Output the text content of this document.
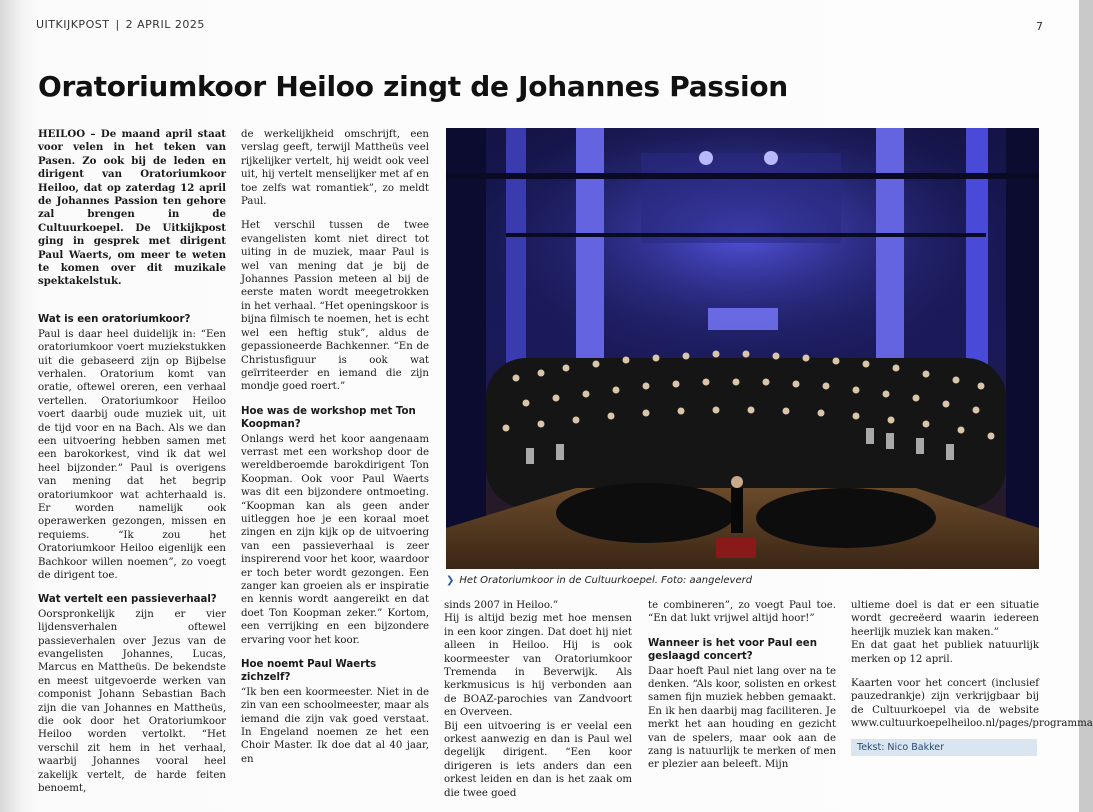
UITKIJKPOST | 2 APRIL 2025	7
Oratoriumkoor Heiloo zingt de Johannes Passion

HEILOO – De maand april staat voor velen in het teken van Pasen. Zo ook bij de leden en dirigent van Oratoriumkoor Heiloo, dat op zaterdag 12 april de Johannes Passion ten gehore zal brengen in de Cultuurkoepel. De Uitkijkpost ging in gesprek met dirigent Paul Waerts, om meer te weten te komen over dit muzikale spektakelstuk.

Wat is een oratoriumkoor?

Paul is daar heel duidelijk in: “Een oratoriumkoor voert muziekstukken uit die gebaseerd zijn op Bijbelse verhalen. Oratorium komt van oratie, oftewel oreren, een verhaal vertellen. Oratoriumkoor Heiloo voert daarbij oude muziek uit, uit de tijd voor en na Bach. Als we dan een uitvoering hebben samen met een barokorkest, vind ik dat wel heel bijzonder.” Paul is overigens van mening dat het begrip oratoriumkoor wat achterhaald is. Er worden namelijk ook operawerken gezongen, missen en requiems. “Ik zou het Oratoriumkoor Heiloo eigenlijk een Bachkoor willen noemen”, zo voegt de dirigent toe.

Wat vertelt een passieverhaal?

Oorspronkelijk zijn er vier lijdensverhalen oftewel passieverhalen over Jezus van de evangelisten Johannes, Lucas, Marcus en Mattheüs. De bekendste en meest uitgevoerde werken van componist Johann Sebastian Bach zijn die van Johannes en Mattheüs, die ook door het Oratoriumkoor Heiloo worden vertolkt. “Het verschil zit hem in het verhaal, waarbij Johannes vooral heel zakelijk vertelt, de harde feiten benoemt,

de werkelijkheid omschrijft, een verslag geeft, terwijl Mattheüs veel rijkelijker vertelt, hij weidt ook veel uit, hij vertelt menselijker met af en toe zelfs wat romantiek”, zo meldt Paul.

Het verschil tussen de twee evangelisten komt niet direct tot uiting in de muziek, maar Paul is wel van mening dat je bij de Johannes Passion meteen al bij de eerste maten wordt meegetrokken in het verhaal. “Het openingskoor is bijna filmisch te noemen, het is echt wel een heftig stuk”, aldus de gepassioneerde Bachkenner. “En de Christusfiguur is ook wat geïrriteerder en iemand die zijn mondje goed roert.”

Hoe was de workshop met Ton Koopman?

Onlangs werd het koor aangenaam verrast met een workshop door de wereldberoemde barokdirigent Ton Koopman. Ook voor Paul Waerts was dit een bijzondere ontmoeting. “Koopman kan als geen ander uitleggen hoe je een koraal moet zingen en zijn kijk op de uitvoering van een passieverhaal is zeer inspirerend voor het koor, waardoor er toch beter wordt gezongen. Een zanger kan groeien als er inspiratie en kennis wordt aangereikt en dat doet Ton Koopman zeker.” Kortom, een verrijking en een bijzondere ervaring voor het koor.

Hoe noemt Paul Waerts zichzelf?

“Ik ben een koormeester. Niet in de zin van een schoolmeester, maar als iemand die zijn vak goed verstaat. In Engeland noemen ze het een Choir Master. Ik doe dat al 40 jaar, en

❯ Het Oratoriumkoor in de Cultuurkoepel. Foto: aangeleverd

sinds 2007 in Heiloo.”

Hij is altijd bezig met hoe mensen in een koor zingen. Dat doet hij niet alleen in Heiloo. Hij is ook koormeester van Oratoriumkoor Tremenda in Beverwijk. Als kerkmusicus is hij verbonden aan de BOAZ-parochies van Zandvoort en Overveen.

Bij een uitvoering is er veelal een orkest aanwezig en dan is Paul wel degelijk dirigent. “Een koor dirigeren is iets anders dan een orkest leiden en dan is het zaak om die twee goed

te combineren”, zo voegt Paul toe. “En dat lukt vrijwel altijd hoor!”

Wanneer is het voor Paul een geslaagd concert?

Daar hoeft Paul niet lang over na te denken. “Als koor, solisten en orkest samen fijn muziek hebben gemaakt. En ik hen daarbij mag faciliteren. Je merkt het aan houding en gezicht van de spelers, maar ook aan de zang is natuurlijk te merken of men er plezier aan beleeft. Mijn

ultieme doel is dat er een situatie wordt gecreëerd waarin iedereen heerlijk muziek kan maken.”

En dat gaat het publiek natuurlijk merken op 12 april.

Kaarten voor het concert (inclusief pauzedrankje) zijn verkrijgbaar bij de Cultuurkoepel via de website www.cultuurkoepelheiloo.nl/pages/programma

Tekst: Nico Bakker
